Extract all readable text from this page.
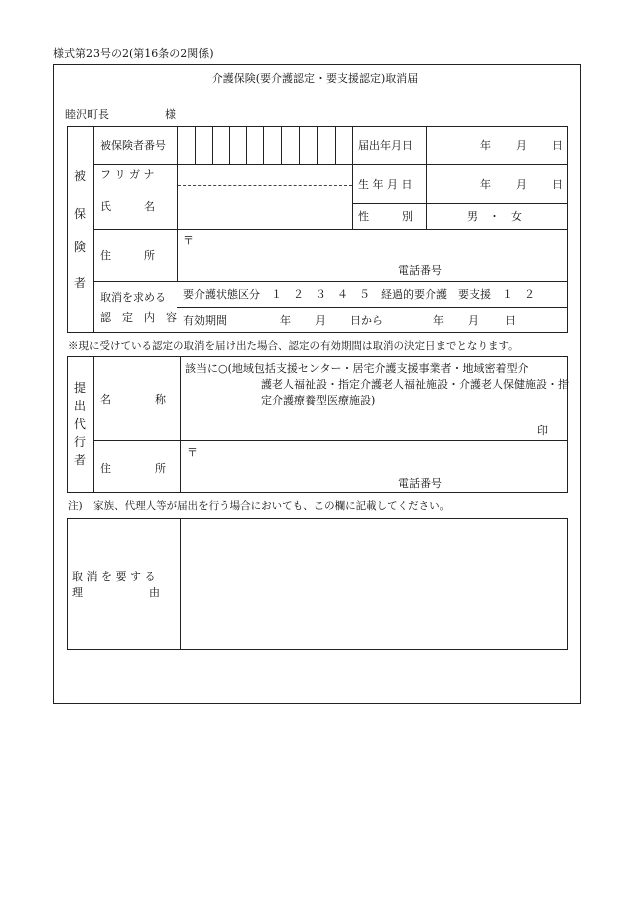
様式第23号の2(第16条の2関係)
介護保険(要介護認定・要支援認定)取消届
睦沢町長	様
被
保
険
者
被保険者番号	届出年月日	年 月 日
フ リ ガ ナ
生 年 月 日	年 月 日
氏　　　名
性　　　別	男　・　女
〒
住　　　所
電話番号
取消を求める
認　定　内　容
要介護状態区分　１　２　３　４　５　経過的要介護　要支援　１　２
有効期間	年 月 日 から	年 月 日
※現に受けている認定の取消を届け出た場合、認定の有効期間は取消の決定日までとなります。
提
出
代
行
者
名　　　　称
該当に○(地域包括支援センター・居宅介護支援事業者・地域密着型介
護老人福祉設・指定介護老人福祉施設・介護老人保健施設・指
定介護療養型医療施設)
印
〒
住　　　　所
電話番号
注)　家族、代理人等が届出を行う場合においても、この欄に記載してください。
取 消 を 要 す る
理　　　　　　由
